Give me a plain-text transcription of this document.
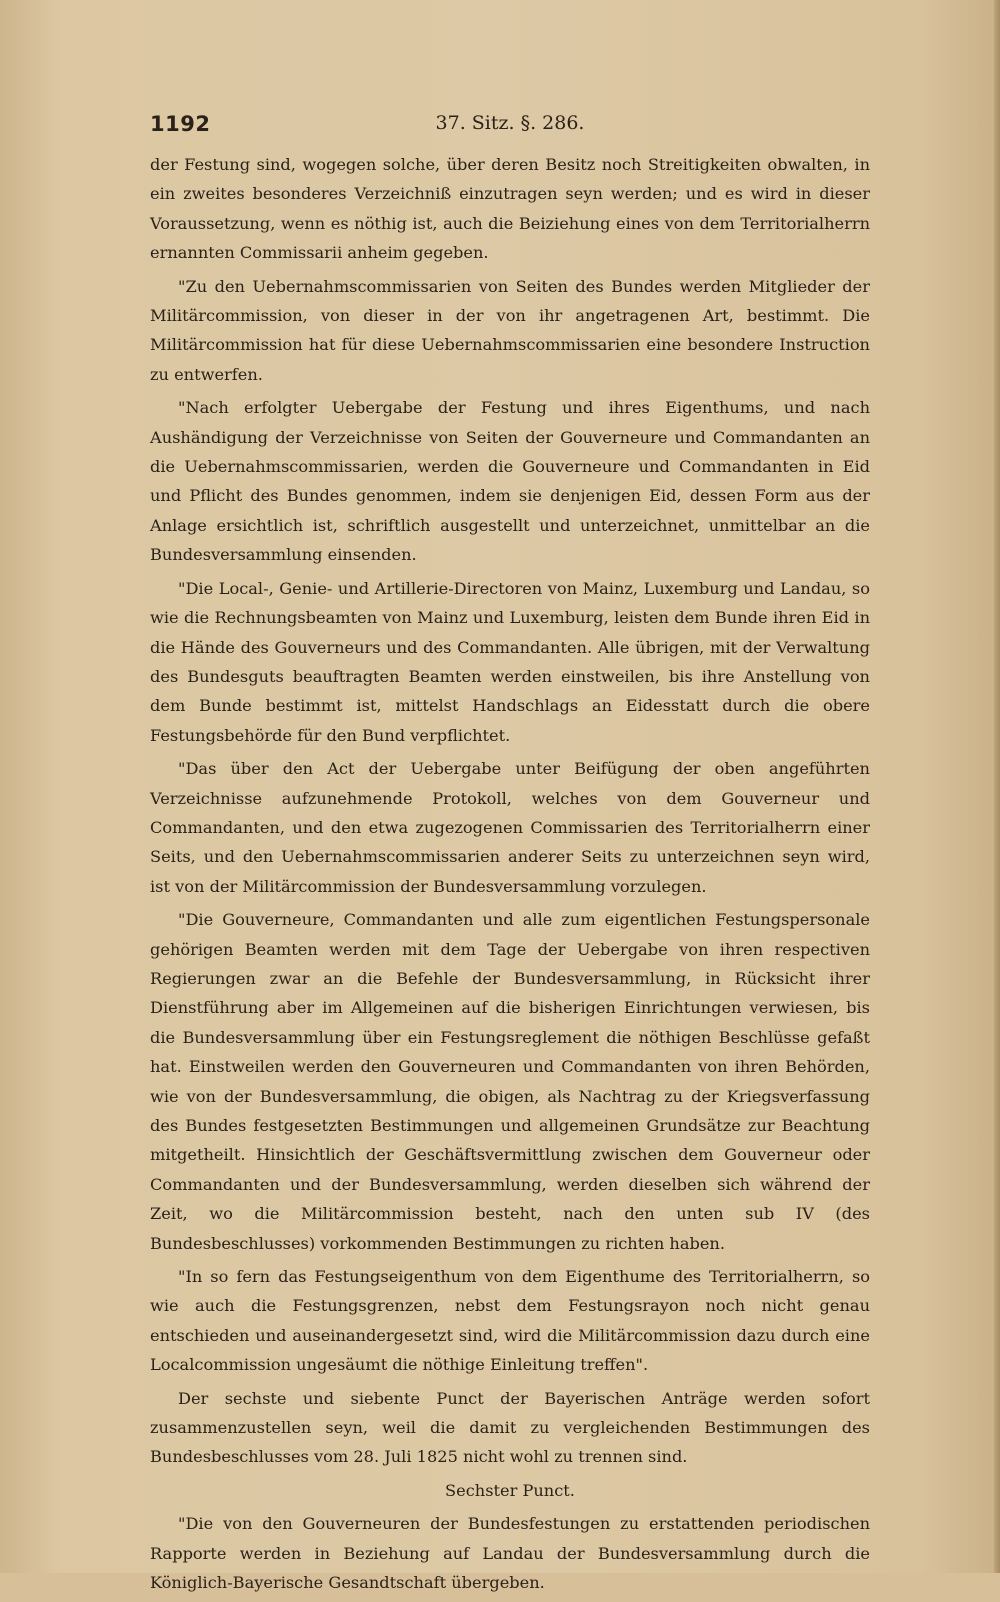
1192	37. Sitz. §. 286.

der Festung sind, wogegen solche, über deren Besitz noch Streitigkeiten obwalten, in ein zweites besonderes Verzeichniß einzutragen seyn werden; und es wird in dieser Voraussetzung, wenn es nöthig ist, auch die Beiziehung eines von dem Territorialherrn ernannten Commissarii anheim gegeben.

"Zu den Uebernahmscommissarien von Seiten des Bundes werden Mitglieder der Militärcommission, von dieser in der von ihr angetragenen Art, bestimmt. Die Militärcommission hat für diese Uebernahmscommissarien eine besondere Instruction zu entwerfen.

"Nach erfolgter Uebergabe der Festung und ihres Eigenthums, und nach Aushändigung der Verzeichnisse von Seiten der Gouverneure und Commandanten an die Uebernahmscommissarien, werden die Gouverneure und Commandanten in Eid und Pflicht des Bundes genommen, indem sie denjenigen Eid, dessen Form aus der Anlage ersichtlich ist, schriftlich ausgestellt und unterzeichnet, unmittelbar an die Bundesversammlung einsenden.

"Die Local-, Genie- und Artillerie-Directoren von Mainz, Luxemburg und Landau, so wie die Rechnungsbeamten von Mainz und Luxemburg, leisten dem Bunde ihren Eid in die Hände des Gouverneurs und des Commandanten. Alle übrigen, mit der Verwaltung des Bundesguts beauftragten Beamten werden einstweilen, bis ihre Anstellung von dem Bunde bestimmt ist, mittelst Handschlags an Eidesstatt durch die obere Festungsbehörde für den Bund verpflichtet.

"Das über den Act der Uebergabe unter Beifügung der oben angeführten Verzeichnisse aufzunehmende Protokoll, welches von dem Gouverneur und Commandanten, und den etwa zugezogenen Commissarien des Territorialherrn einer Seits, und den Uebernahmscommissarien anderer Seits zu unterzeichnen seyn wird, ist von der Militärcommission der Bundesversammlung vorzulegen.

"Die Gouverneure, Commandanten und alle zum eigentlichen Festungspersonale gehörigen Beamten werden mit dem Tage der Uebergabe von ihren respectiven Regierungen zwar an die Befehle der Bundesversammlung, in Rücksicht ihrer Dienstführung aber im Allgemeinen auf die bisherigen Einrichtungen verwiesen, bis die Bundesversammlung über ein Festungsreglement die nöthigen Beschlüsse gefaßt hat. Einstweilen werden den Gouverneuren und Commandanten von ihren Behörden, wie von der Bundesversammlung, die obigen, als Nachtrag zu der Kriegsverfassung des Bundes festgesetzten Bestimmungen und allgemeinen Grundsätze zur Beachtung mitgetheilt. Hinsichtlich der Geschäftsvermittlung zwischen dem Gouverneur oder Commandanten und der Bundesversammlung, werden dieselben sich während der Zeit, wo die Militärcommission besteht, nach den unten sub IV (des Bundesbeschlusses) vorkommenden Bestimmungen zu richten haben.

"In so fern das Festungseigenthum von dem Eigenthume des Territorialherrn, so wie auch die Festungsgrenzen, nebst dem Festungsrayon noch nicht genau entschieden und auseinandergesetzt sind, wird die Militärcommission dazu durch eine Localcommission ungesäumt die nöthige Einleitung treffen".

Der sechste und siebente Punct der Bayerischen Anträge werden sofort zusammenzustellen seyn, weil die damit zu vergleichenden Bestimmungen des Bundesbeschlusses vom 28. Juli 1825 nicht wohl zu trennen sind.

Sechster Punct.

"Die von den Gouverneuren der Bundesfestungen zu erstattenden periodischen Rapporte werden in Beziehung auf Landau der Bundesversammlung durch die Königlich-Bayerische Gesandtschaft übergeben.
